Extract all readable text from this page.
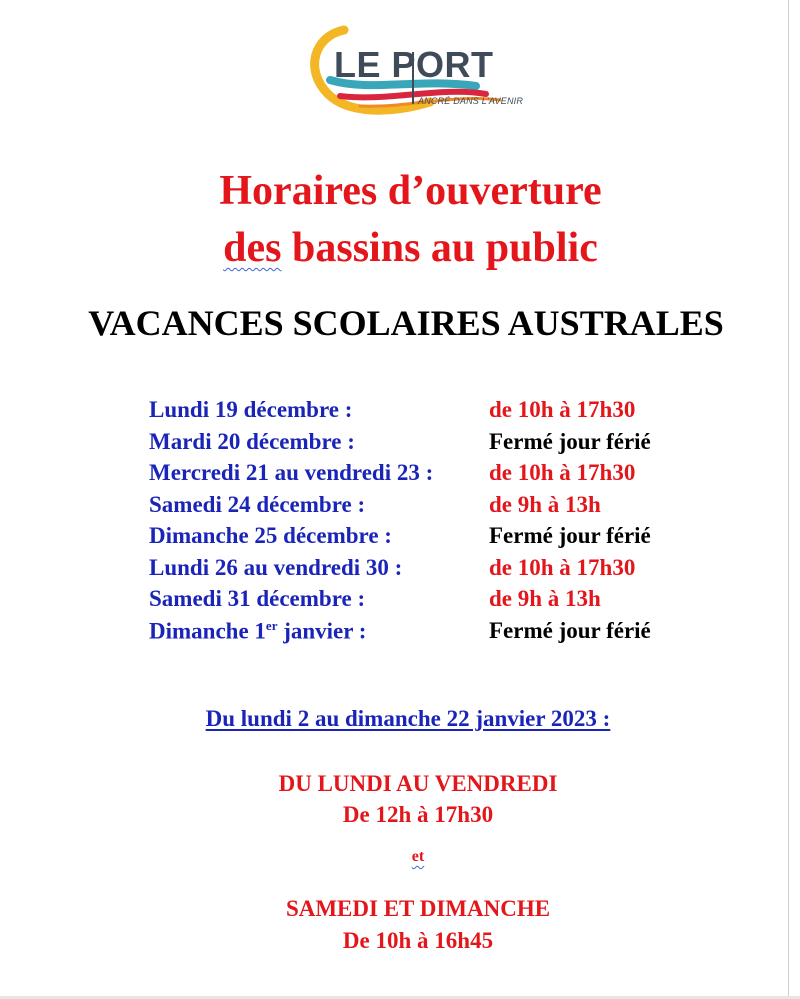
LE PORT
ANCRÉ DANS L'AVENIR
Horaires d’ouverture
des bassins au public
VACANCES SCOLAIRES AUSTRALES
Lundi 19 décembre :	de 10h à 17h30
Mardi 20 décembre :	Fermé jour férié
Mercredi 21 au vendredi 23 : de 10h à 17h30
Samedi 24 décembre :	de 9h à 13h
Dimanche 25 décembre :	Fermé jour férié
Lundi 26 au vendredi 30 :	de 10h à 17h30
Samedi 31 décembre :	de 9h à 13h
Dimanche 1er janvier :	Fermé jour férié
Du lundi 2 au dimanche 22 janvier 2023 :
DU LUNDI AU VENDREDI
De 12h à 17h30
et
SAMEDI ET DIMANCHE
De 10h à 16h45
